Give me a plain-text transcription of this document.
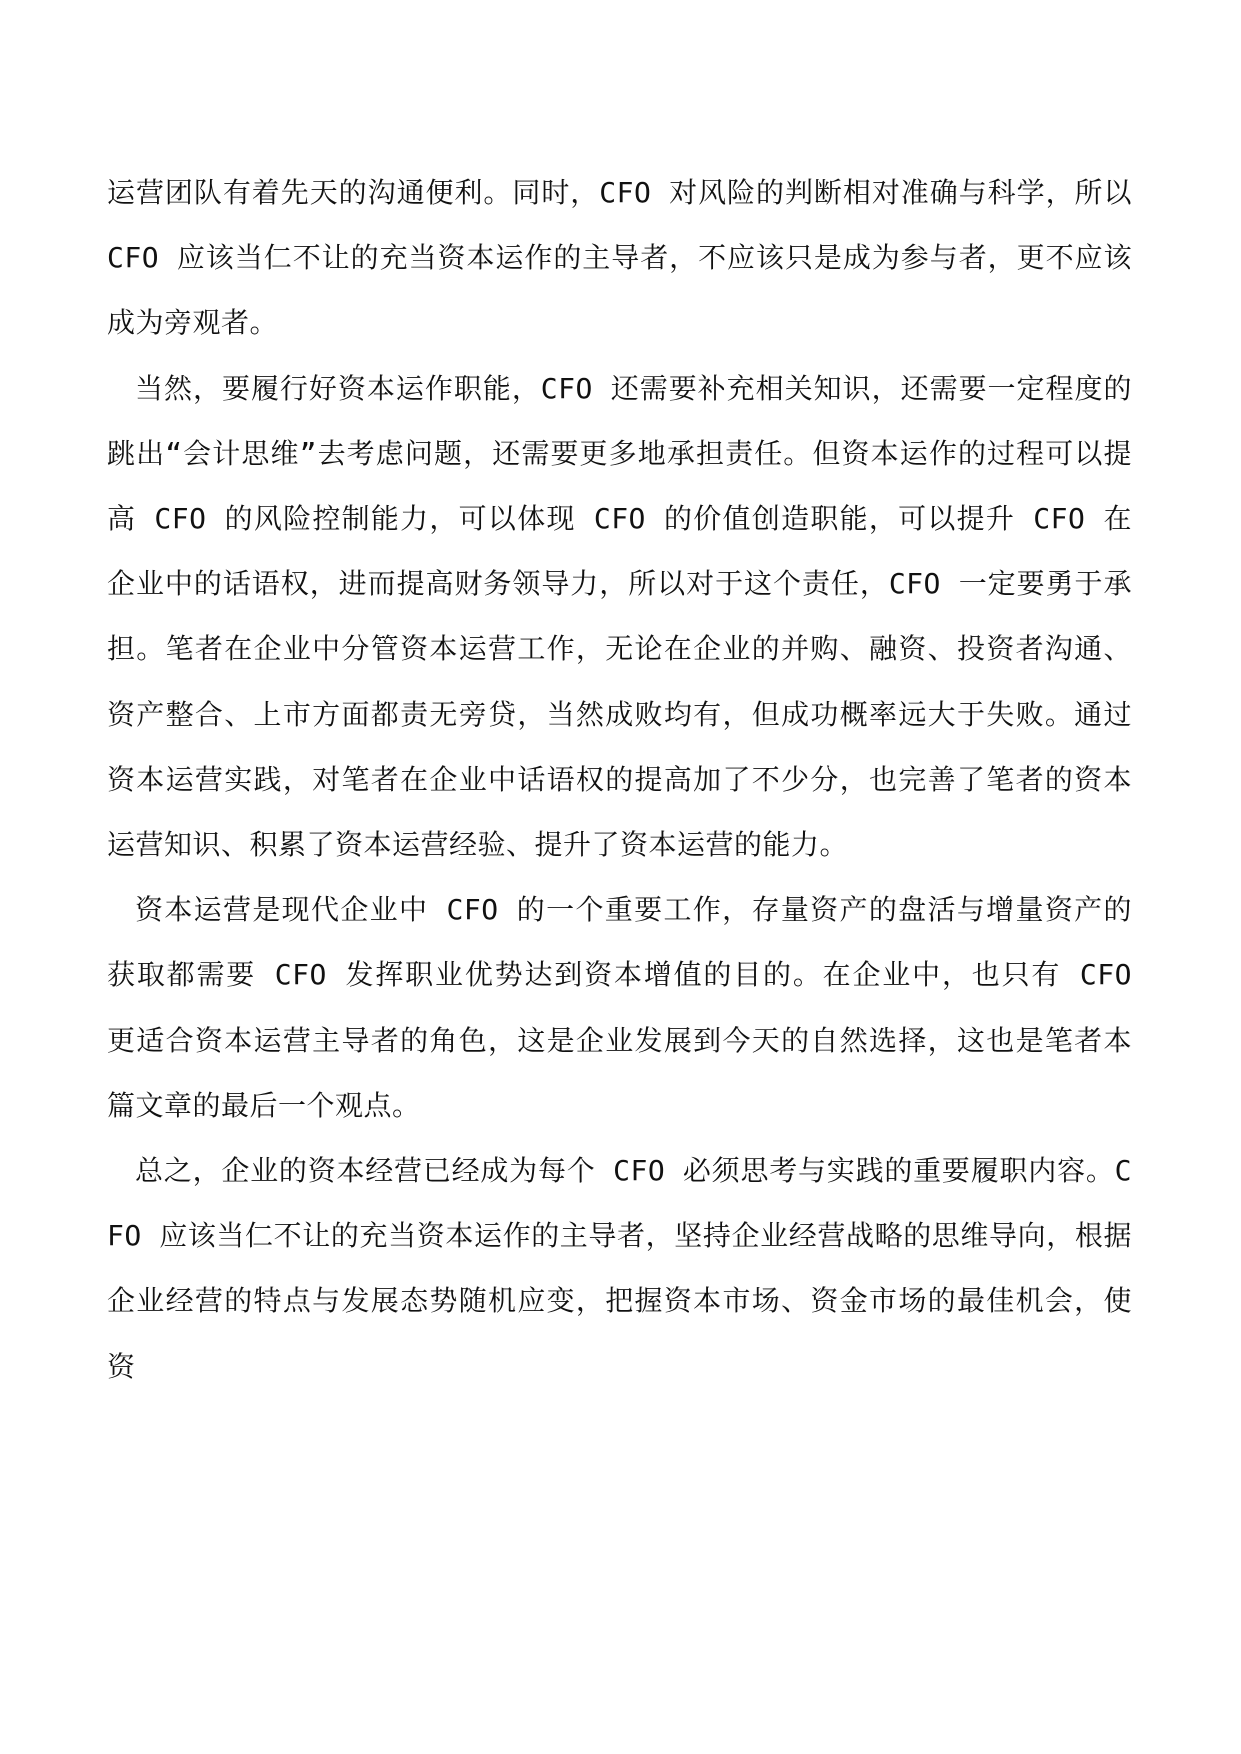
运营团队有着先天的沟通便利。同时，CFO 对风险的判断相对准确与科学，所以 CFO 应该当仁不让的充当资本运作的主导者，不应该只是成为参与者，更不应该成为旁观者。

当然，要履行好资本运作职能，CFO 还需要补充相关知识，还需要一定程度的跳出“会计思维”去考虑问题，还需要更多地承担责任。但资本运作的过程可以提高 CFO 的风险控制能力，可以体现 CFO 的价值创造职能，可以提升 CFO 在企业中的话语权，进而提高财务领导力，所以对于这个责任，CFO 一定要勇于承担。笔者在企业中分管资本运营工作，无论在企业的并购、融资、投资者沟通、资产整合、上市方面都责无旁贷，当然成败均有，但成功概率远大于失败。通过资本运营实践，对笔者在企业中话语权的提高加了不少分，也完善了笔者的资本运营知识、积累了资本运营经验、提升了资本运营的能力。

资本运营是现代企业中 CFO 的一个重要工作，存量资产的盘活与增量资产的获取都需要 CFO 发挥职业优势达到资本增值的目的。在企业中，也只有 CFO 更适合资本运营主导者的角色，这是企业发展到今天的自然选择，这也是笔者本篇文章的最后一个观点。

总之，企业的资本经营已经成为每个 CFO 必须思考与实践的重要履职内容。CFO 应该当仁不让的充当资本运作的主导者，坚持企业经营战略的思维导向，根据企业经营的特点与发展态势随机应变，把握资本市场、资金市场的最佳机会，使资
